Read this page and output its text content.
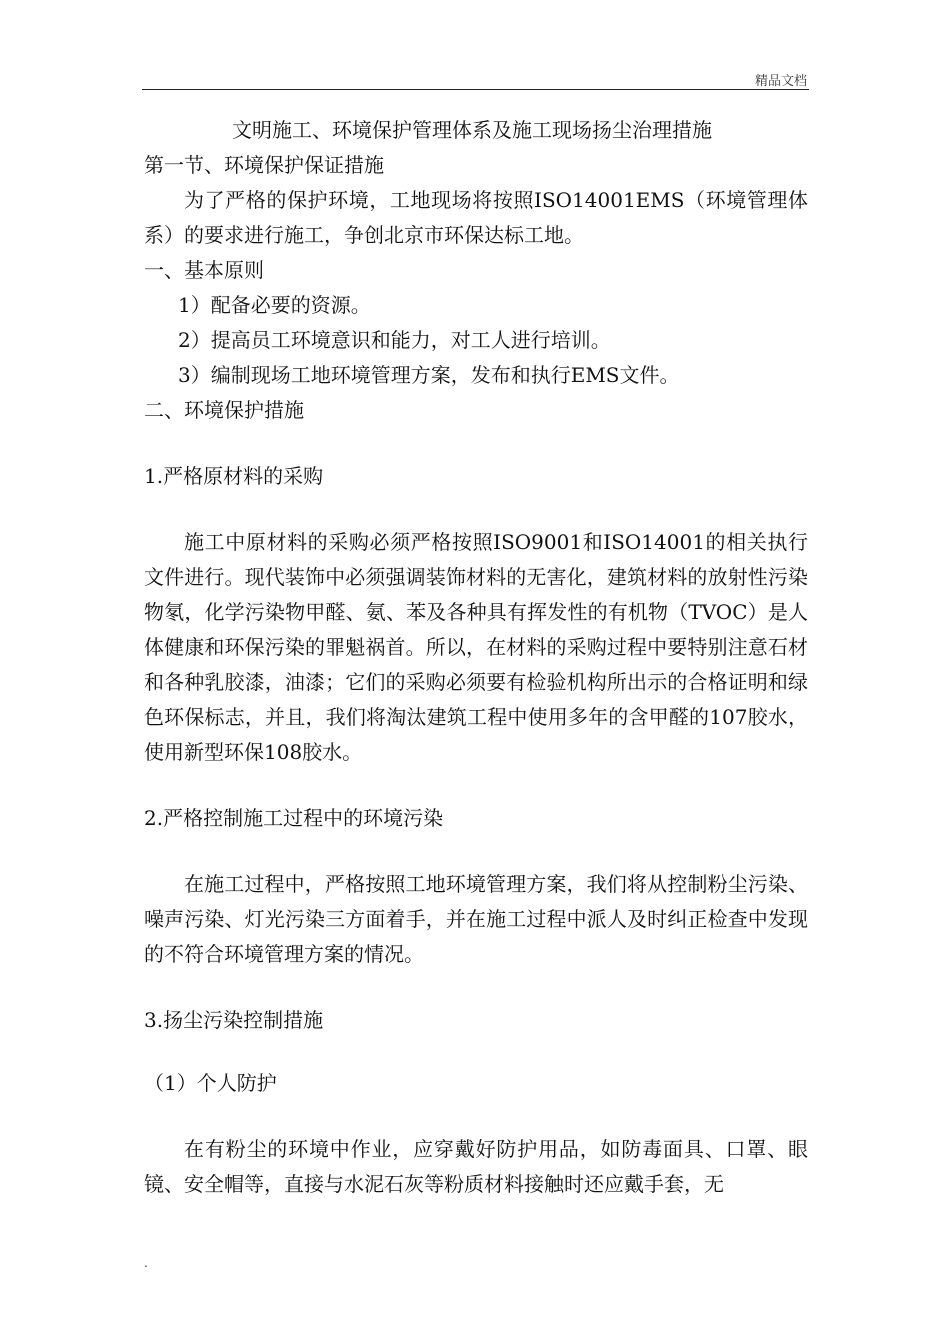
精品文档

文明施工、环境保护管理体系及施工现场扬尘治理措施

第一节、环境保护保证措施

为了严格的保护环境，工地现场将按照ISO14001EMS（环境管理体系）的要求进行施工，争创北京市环保达标工地。

一、基本原则

1）配备必要的资源。

2）提高员工环境意识和能力，对工人进行培训。

3）编制现场工地环境管理方案，发布和执行EMS文件。

二、环境保护措施

1.严格原材料的采购

施工中原材料的采购必须严格按照ISO9001和ISO14001的相关执行文件进行。现代装饰中必须强调装饰材料的无害化，建筑材料的放射性污染物氡，化学污染物甲醛、氨、苯及各种具有挥发性的有机物（TVOC）是人体健康和环保污染的罪魁祸首。所以，在材料的采购过程中要特别注意石材和各种乳胶漆，油漆；它们的采购必须要有检验机构所出示的合格证明和绿色环保标志，并且，我们将淘汰建筑工程中使用多年的含甲醛的107胶水，使用新型环保108胶水。

2.严格控制施工过程中的环境污染

在施工过程中，严格按照工地环境管理方案，我们将从控制粉尘污染、噪声污染、灯光污染三方面着手，并在施工过程中派人及时纠正检查中发现的不符合环境管理方案的情况。

3.扬尘污染控制措施

（1）个人防护

在有粉尘的环境中作业，应穿戴好防护用品，如防毒面具、口罩、眼镜、安全帽等，直接与水泥石灰等粉质材料接触时还应戴手套，无

.
